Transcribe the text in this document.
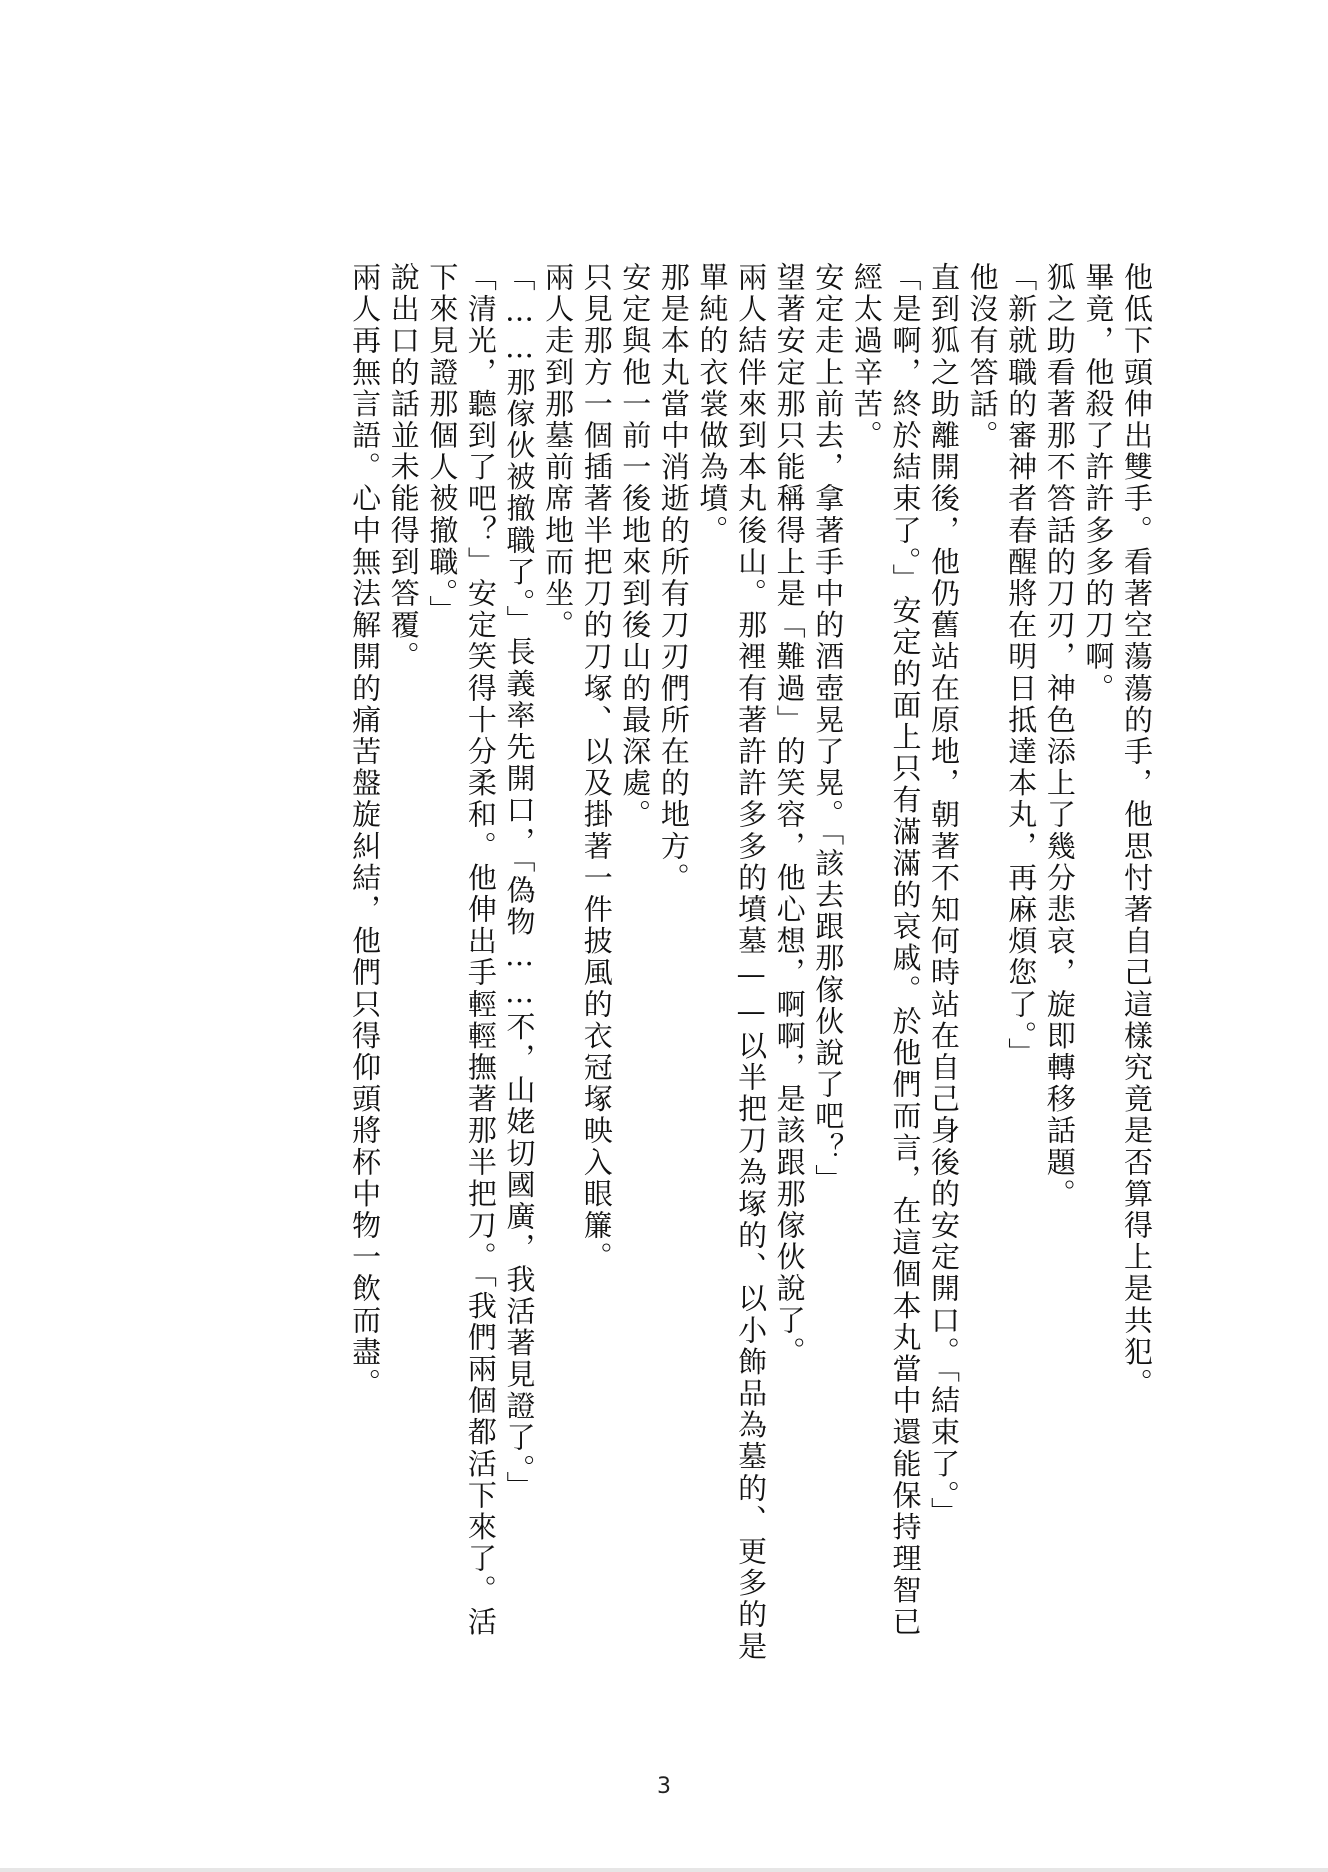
他低下頭伸出雙手。看著空蕩蕩的手，他思忖著自己這樣究竟是否算得上是共犯。

畢竟，他殺了許許多多的刀啊。

狐之助看著那不答話的刀刃，神色添上了幾分悲哀，旋即轉移話題。

「新就職的審神者春醒將在明日抵達本丸，再麻煩您了。」

他沒有答話。

直到狐之助離開後，他仍舊站在原地，朝著不知何時站在自己身後的安定開口。「結束了。」

「是啊，終於結束了。」安定的面上只有滿滿的哀戚。於他們而言，在這個本丸當中還能保持理智已

經太過辛苦。

安定走上前去，拿著手中的酒壺晃了晃。「該去跟那傢伙說了吧？」

望著安定那只能稱得上是「難過」的笑容，他心想，啊啊，是該跟那傢伙說了。

兩人結伴來到本丸後山。那裡有著許許多多的墳墓——以半把刀為塚的、以小飾品為墓的、更多的是

單純的衣裳做為墳。

那是本丸當中消逝的所有刀刃們所在的地方。

安定與他一前一後地來到後山的最深處。

只見那方一個插著半把刀的刀塚、以及掛著一件披風的衣冠塚映入眼簾。

兩人走到那墓前席地而坐。

「……那傢伙被撤職了。」長義率先開口，「偽物……不，山姥切國廣，我活著見證了。」

「清光，聽到了吧？」安定笑得十分柔和。他伸出手輕輕撫著那半把刀。「我們兩個都活下來了。活

下來見證那個人被撤職。」

說出口的話並未能得到答覆。

兩人再無言語。心中無法解開的痛苦盤旋糾結，他們只得仰頭將杯中物一飲而盡。

3
